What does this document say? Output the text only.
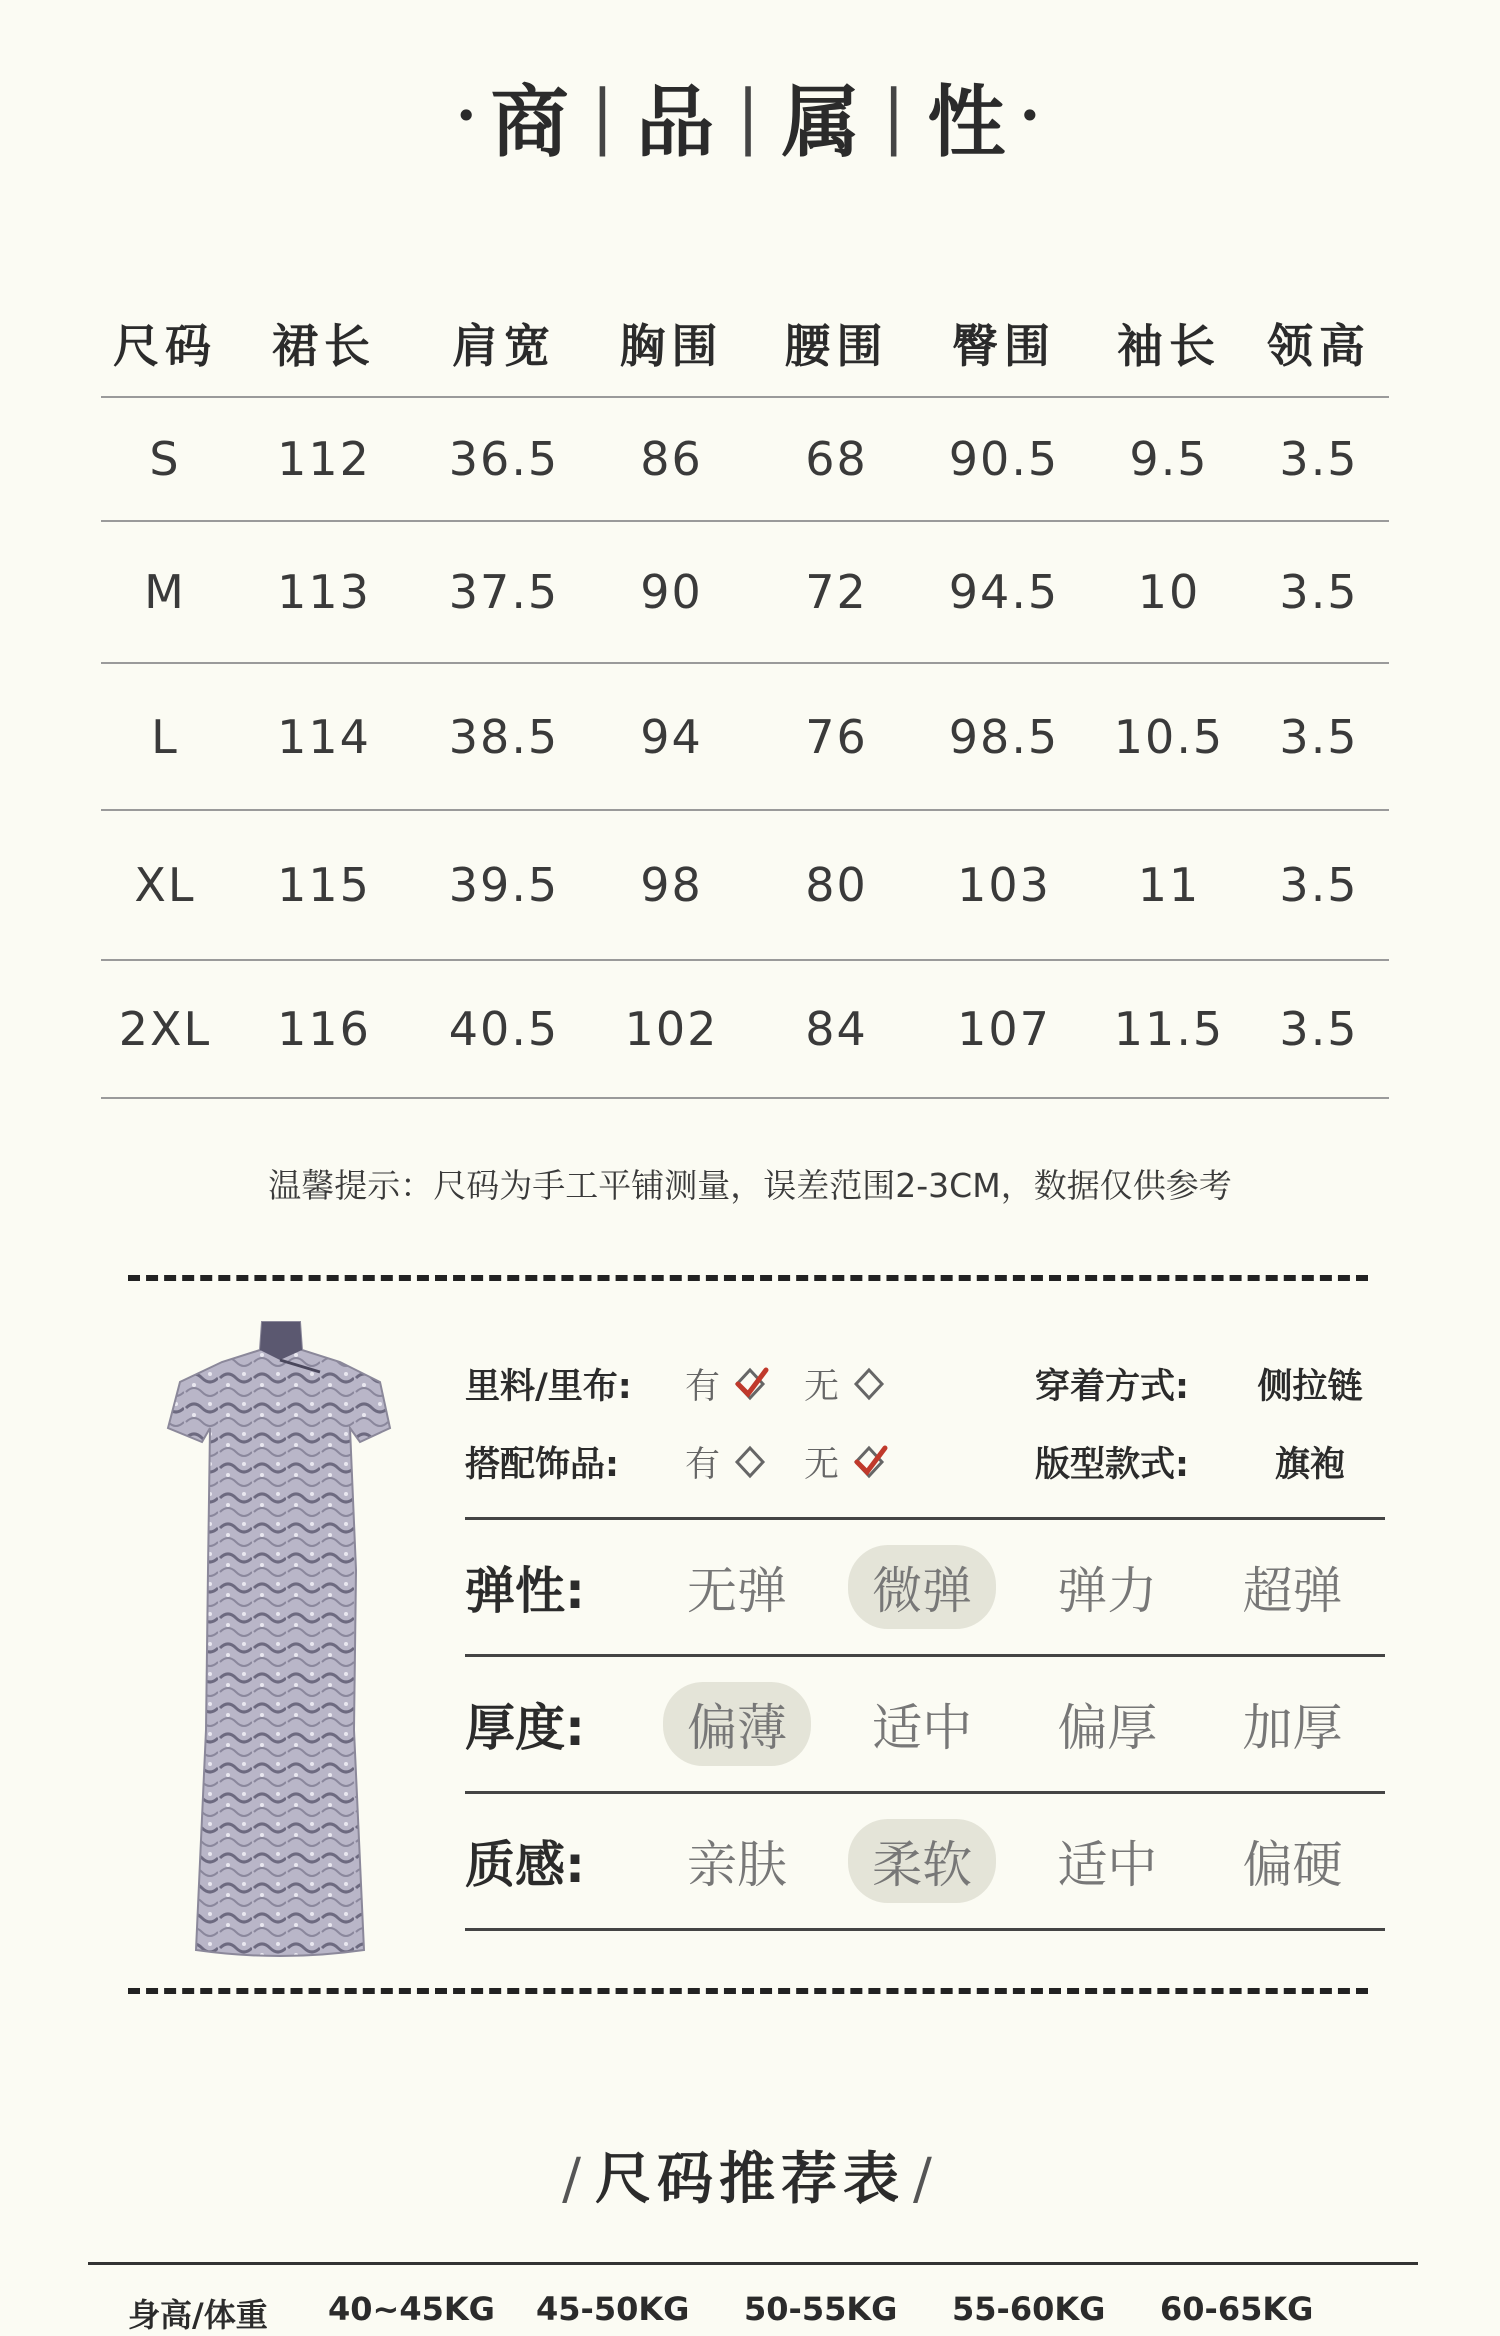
· 商 | 品 | 属 | 性 ·
尺码	裙长	肩宽	胸围	腰围	臀围	袖长	领高
S	112	36.5	86	68	90.5	9.5	3.5
M	113	37.5	90	72	94.5	10	3.5
L	114	38.5	94	76	98.5	10.5	3.5
XL	115	39.5	98	80	103	11	3.5
2XL	116	40.5	102	84	107	11.5	3.5
温馨提示：尺码为手工平铺测量，误差范围2-3CM，数据仅供参考
里料/里布:	有 无	穿着方式:	侧拉链
搭配饰品:	有 无	版型款式:	旗袍
弹性:	无弹	微弹	弹力	超弹
厚度:	偏薄	适中	偏厚	加厚
质感:	亲肤	柔软	适中	偏硬
/ 尺码推荐表 /
身高/体重	40~45KG	45-50KG	50-55KG	55-60KG	60-65KG
